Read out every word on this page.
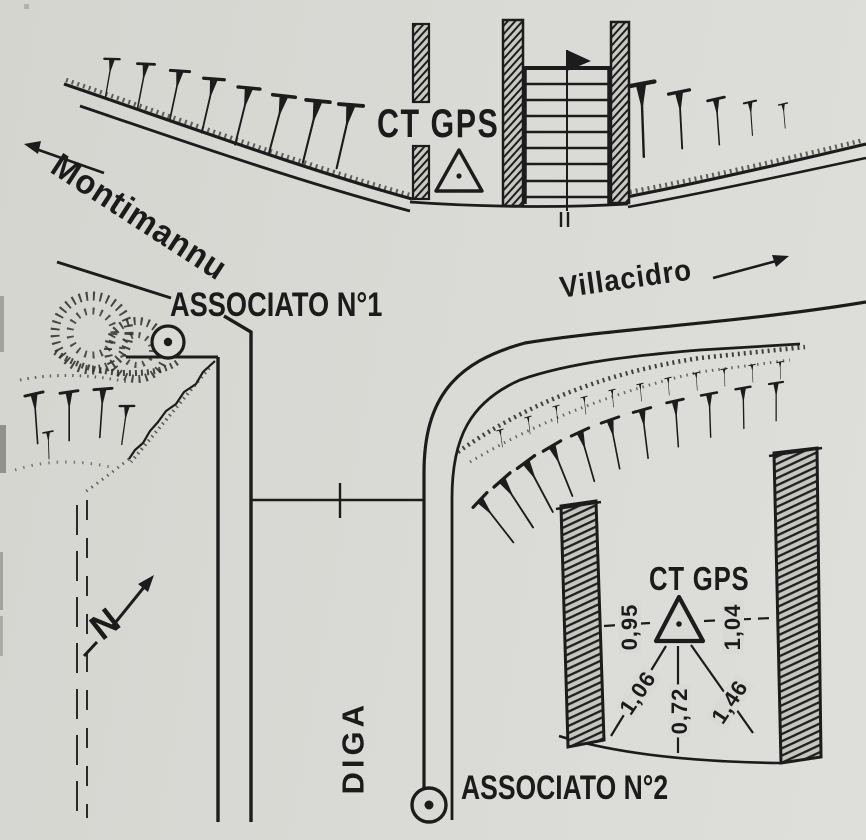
Montimannu
ASSOCIATO N°1
Villacidro
CT GPS
CT GPS
DIGA	ASSOCIATO N°2
N	0,95	1,04
1,06 0,72 1,46
